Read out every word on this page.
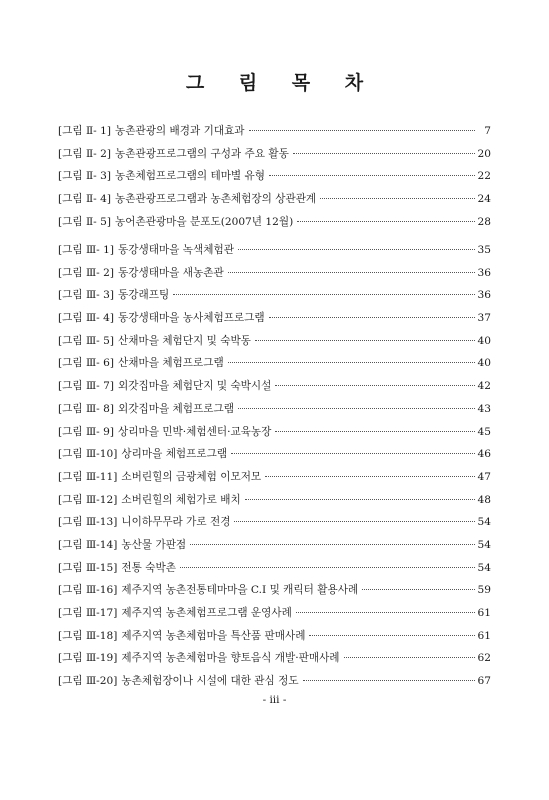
그 림 목 차
[그림 Ⅱ- 1] 농촌관광의 배경과 기대효과	7
[그림 Ⅱ- 2] 농촌관광프로그램의 구성과 주요 활동	20
[그림 Ⅱ- 3] 농촌체험프로그램의 테마별 유형	22
[그림 Ⅱ- 4] 농촌관광프로그램과 농촌체험장의 상관관계	24
[그림 Ⅱ- 5] 농어촌관광마을 분포도(2007년 12월)	28
[그림 Ⅲ- 1] 동강생태마을 녹색체험관	35
[그림 Ⅲ- 2] 동강생태마을 새농촌관	36
[그림 Ⅲ- 3] 동강래프팅	36
[그림 Ⅲ- 4] 동강생태마을 농사체험프로그램	37
[그림 Ⅲ- 5] 산채마을 체험단지 및 숙박동	40
[그림 Ⅲ- 6] 산채마을 체험프로그램	40
[그림 Ⅲ- 7] 외갓집마을 체험단지 및 숙박시설	42
[그림 Ⅲ- 8] 외갓집마을 체험프로그램	43
[그림 Ⅲ- 9] 상리마을 민박·체험센터·교육농장	45
[그림 Ⅲ-10] 상리마을 체험프로그램	46
[그림 Ⅲ-11] 소버린힐의 금광체험 이모저모	47
[그림 Ⅲ-12] 소버린힐의 체험가로 배치	48
[그림 Ⅲ-13] 니이하무무라 가로 전경	54
[그림 Ⅲ-14] 농산물 가판점	54
[그림 Ⅲ-15] 전통 숙박촌	54
[그림 Ⅲ-16] 제주지역 농촌전통테마마을 C.I 및 캐릭터 활용사례	59
[그림 Ⅲ-17] 제주지역 농촌체험프로그램 운영사례	61
[그림 Ⅲ-18] 제주지역 농촌체험마을 특산품 판매사례	61
[그림 Ⅲ-19] 제주지역 농촌체험마을 향토음식 개발·판매사례	62
[그림 Ⅲ-20] 농촌체험장이나 시설에 대한 관심 정도	67
- iii -
